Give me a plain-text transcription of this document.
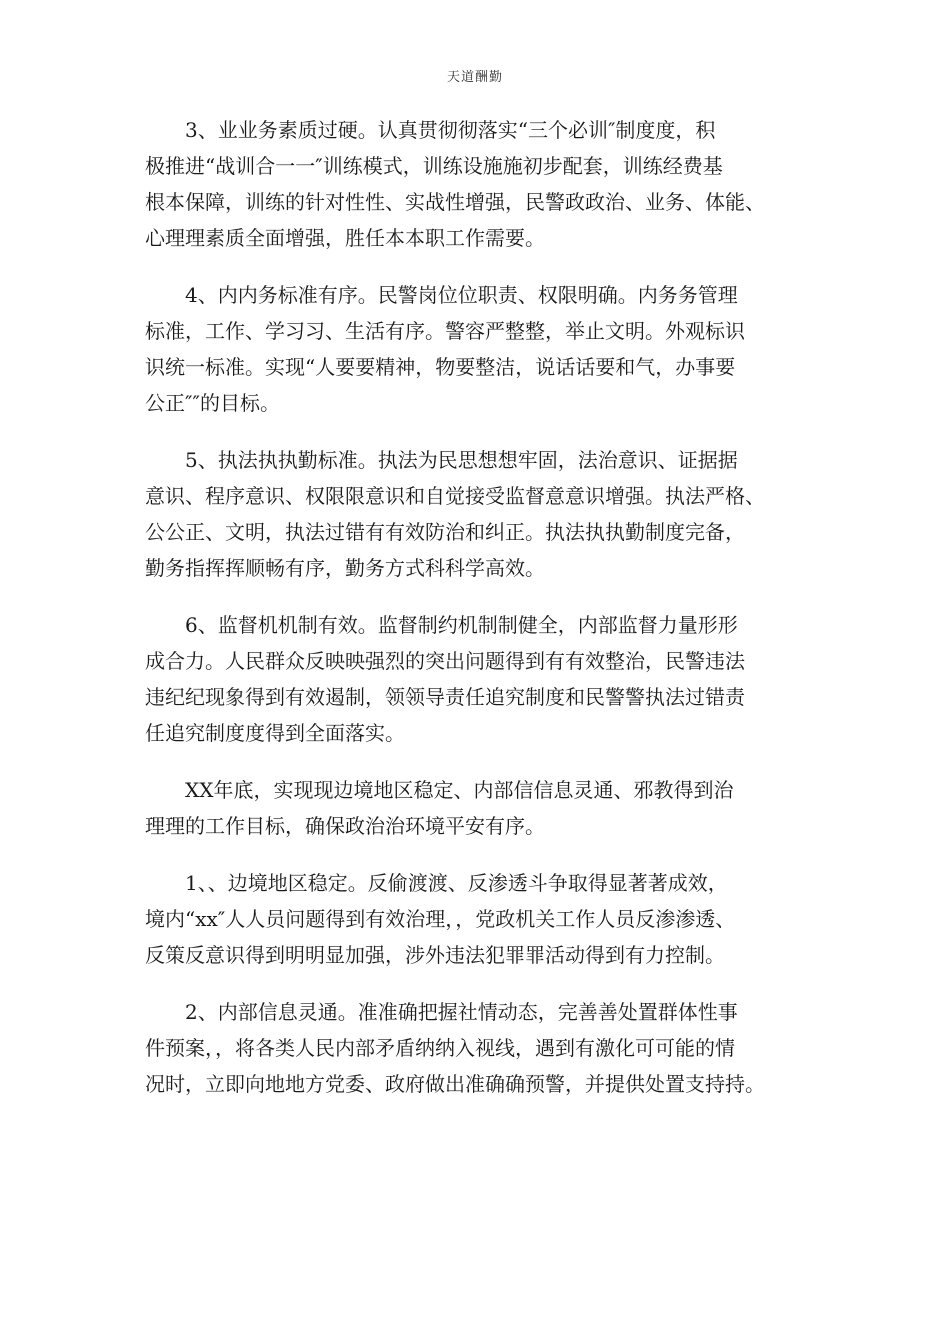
天道酬勤

3、业业务素质过硬。认真贯彻彻落实“三个必训″制度度，积
极推进“战训合一一″训练模式，训练设施施初步配套，训练经费基
根本保障，训练的针对性性、实战性增强，民警政政治、业务、体能、
心理理素质全面增强，胜任本本职工作需要。

4、内内务标准有序。民警岗位位职责、权限明确。内务务管理
标准，工作、学习习、生活有序。警容严整整，举止文明。外观标识
识统一标准。实现“人要要精神，物要整洁，说话话要和气，办事要
公正″″的目标。

5、执法执执勤标准。执法为民思想想牢固，法治意识、证据据
意识、程序意识、权限限意识和自觉接受监督意意识增强。执法严格、
公公正、文明，执法过错有有效防治和纠正。执法执执勤制度完备，
勤务指挥挥顺畅有序，勤务方式科科学高效。

6、监督机机制有效。监督制约机制制健全，内部监督力量形形
成合力。人民群众反映映强烈的突出问题得到有有效整治，民警违法
违纪纪现象得到有效遏制，领领导责任追究制度和民警警执法过错责
任追究制度度得到全面落实。

XX年底，实现现边境地区稳定、内部信信息灵通、邪教得到治
理理的工作目标，确保政治治环境平安有序。

1、、边境地区稳定。反偷渡渡、反渗透斗争取得显著著成效，
境内“xx″人人员问题得到有效治理，，党政机关工作人员反渗渗透、
反策反意识得到明明显加强，涉外违法犯罪罪活动得到有力控制。

2、内部信息灵通。准准确把握社情动态，完善善处置群体性事
件预案，，将各类人民内部矛盾纳纳入视线，遇到有激化可可能的情
况时，立即向地地方党委、政府做出准确确预警，并提供处置支持持。
